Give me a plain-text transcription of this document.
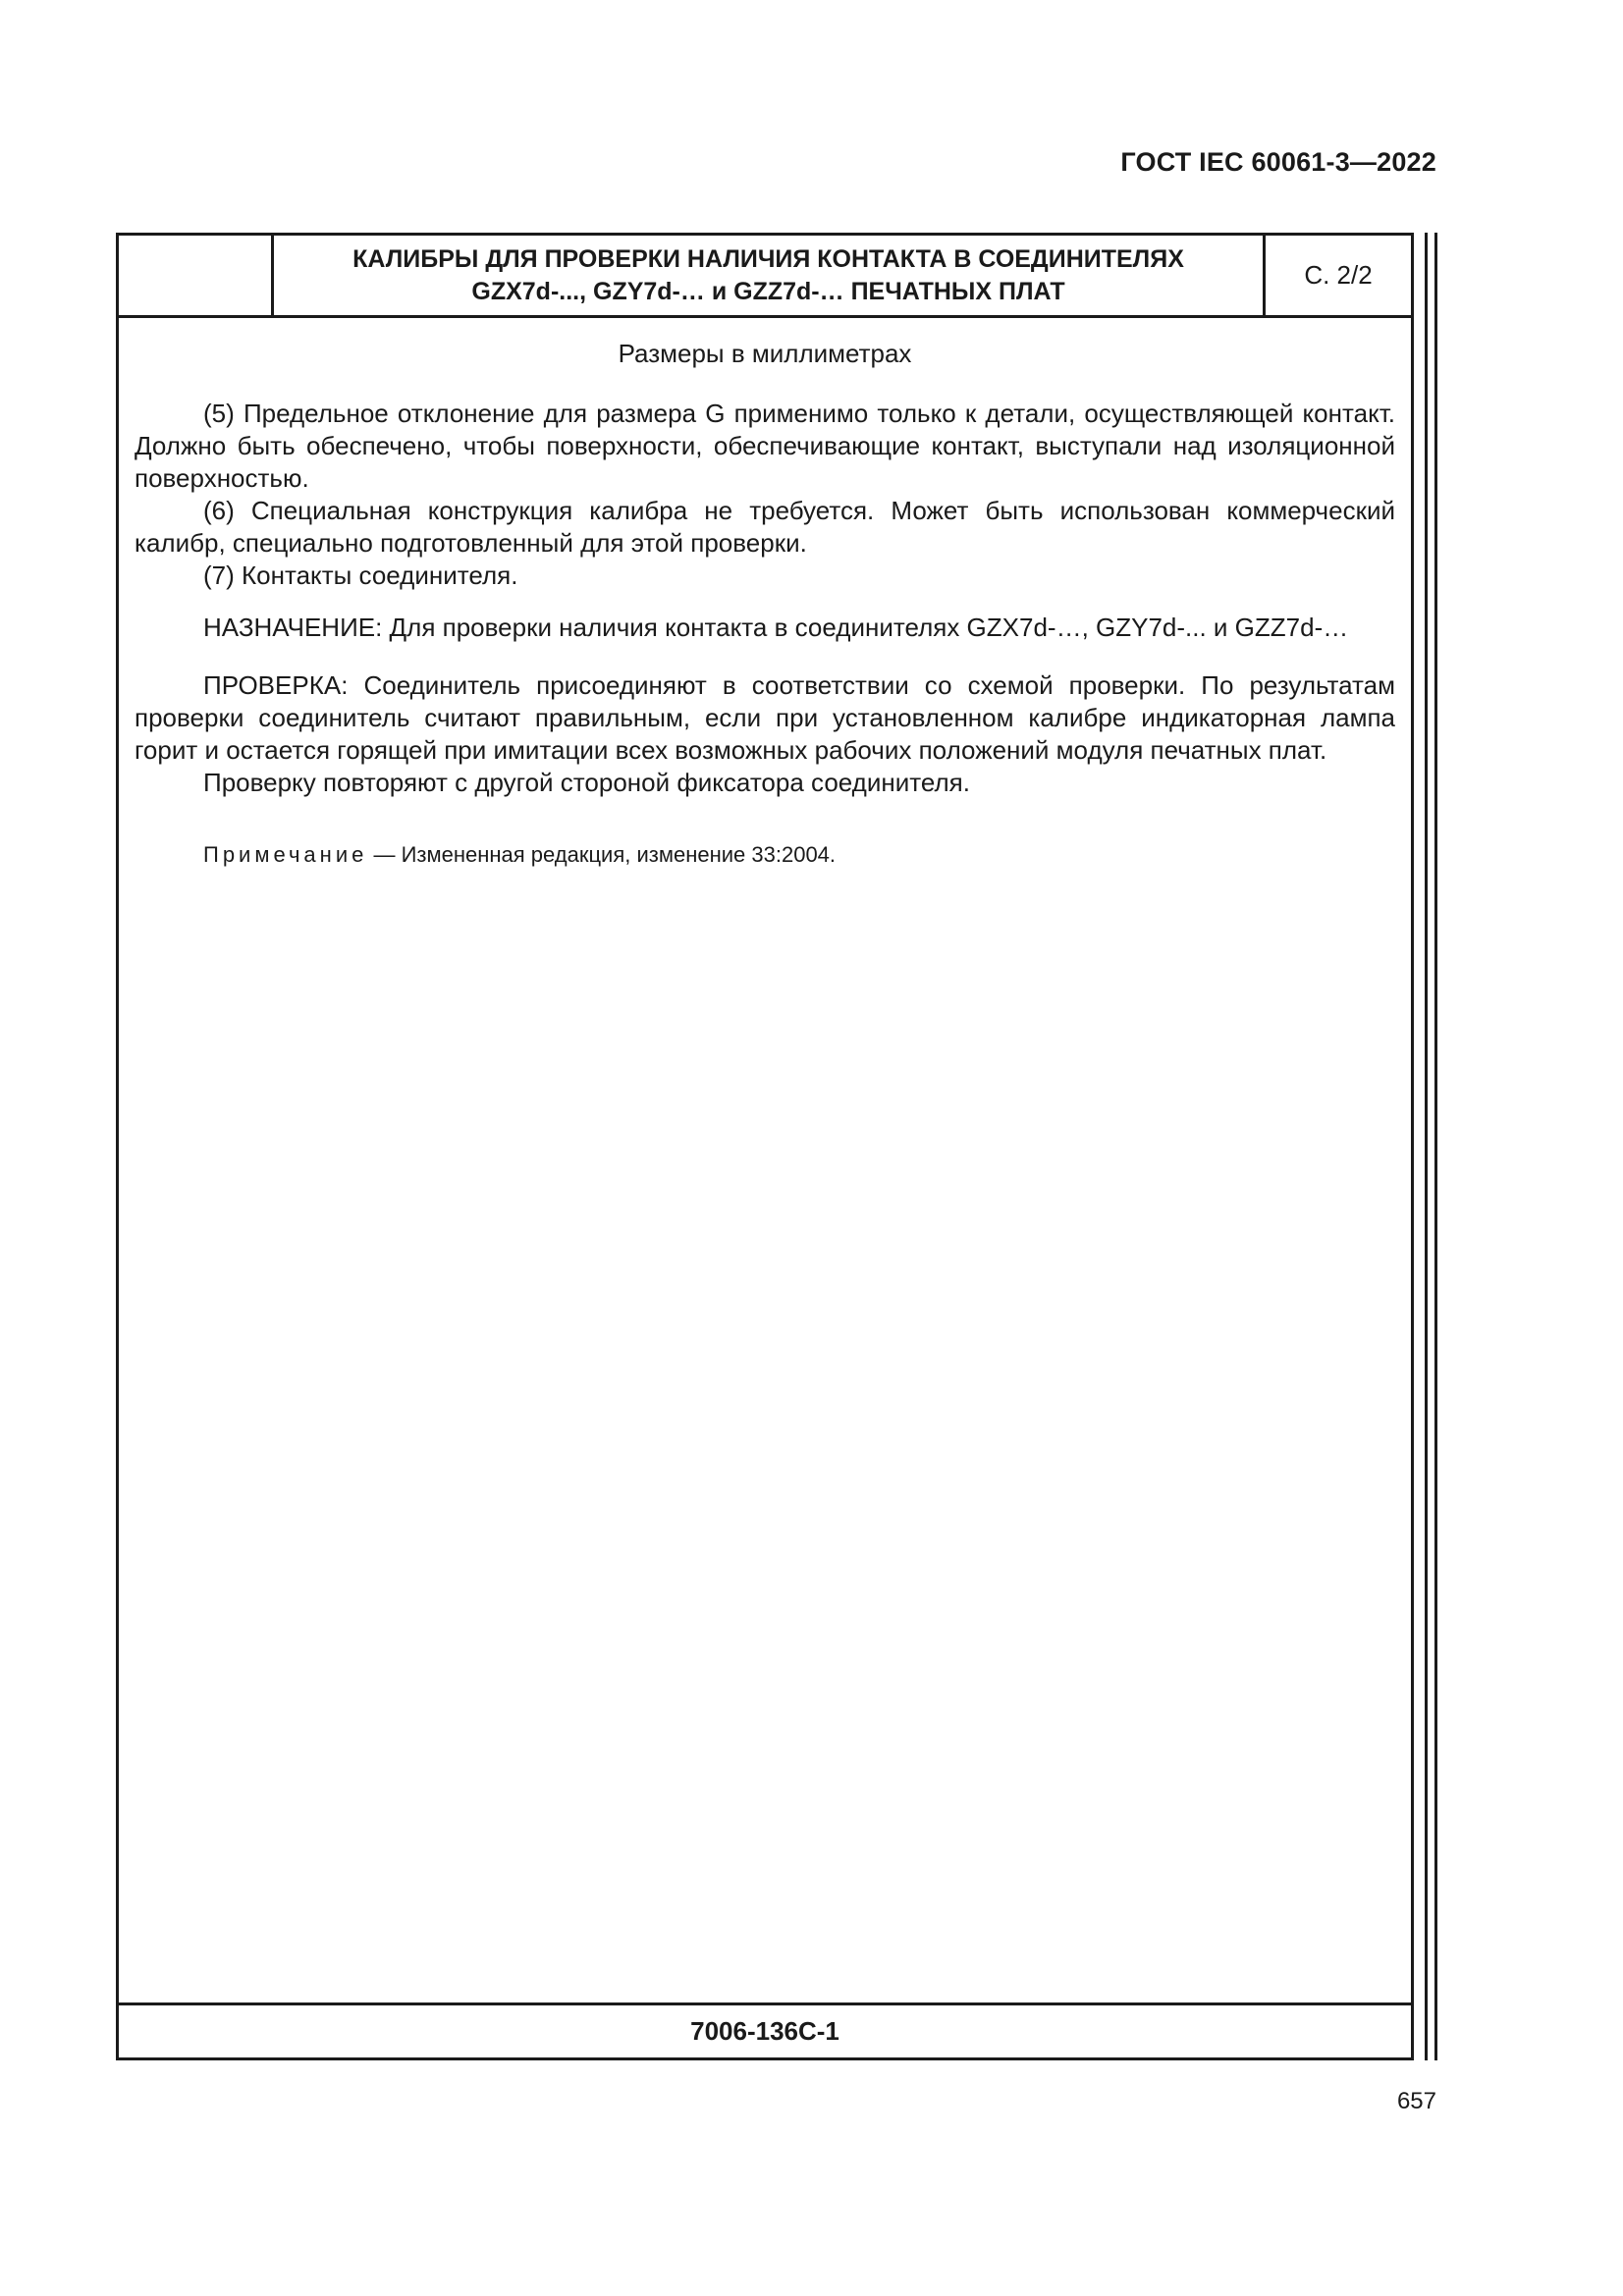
ГОСТ IEC 60061-3—2022
КАЛИБРЫ ДЛЯ ПРОВЕРКИ НАЛИЧИЯ КОНТАКТА В СОЕДИНИТЕЛЯХ
GZX7d-..., GZY7d-… и GZZ7d-… ПЕЧАТНЫХ ПЛАТ
С. 2/2

Размеры в миллиметрах

(5) Предельное отклонение для размера G применимо только к детали, осуществляющей контакт. Должно быть обеспечено, чтобы поверхности, обеспечивающие контакт, выступали над изоляционной поверхностью.

(6) Специальная конструкция калибра не требуется. Может быть использован коммерческий калибр, специально подготовленный для этой проверки.

(7) Контакты соединителя.

НАЗНАЧЕНИЕ: Для проверки наличия контакта в соединителях GZX7d-…, GZY7d-... и GZZ7d-…

ПРОВЕРКА: Соединитель присоединяют в соответствии со схемой проверки. По результатам проверки соединитель считают правильным, если при установленном калибре индикаторная лампа горит и остается горящей при имитации всех возможных рабочих положений модуля печатных плат.

Проверку повторяют с другой стороной фиксатора соединителя.

Примечание — Измененная редакция, изменение 33:2004.

7006-136C-1
657
